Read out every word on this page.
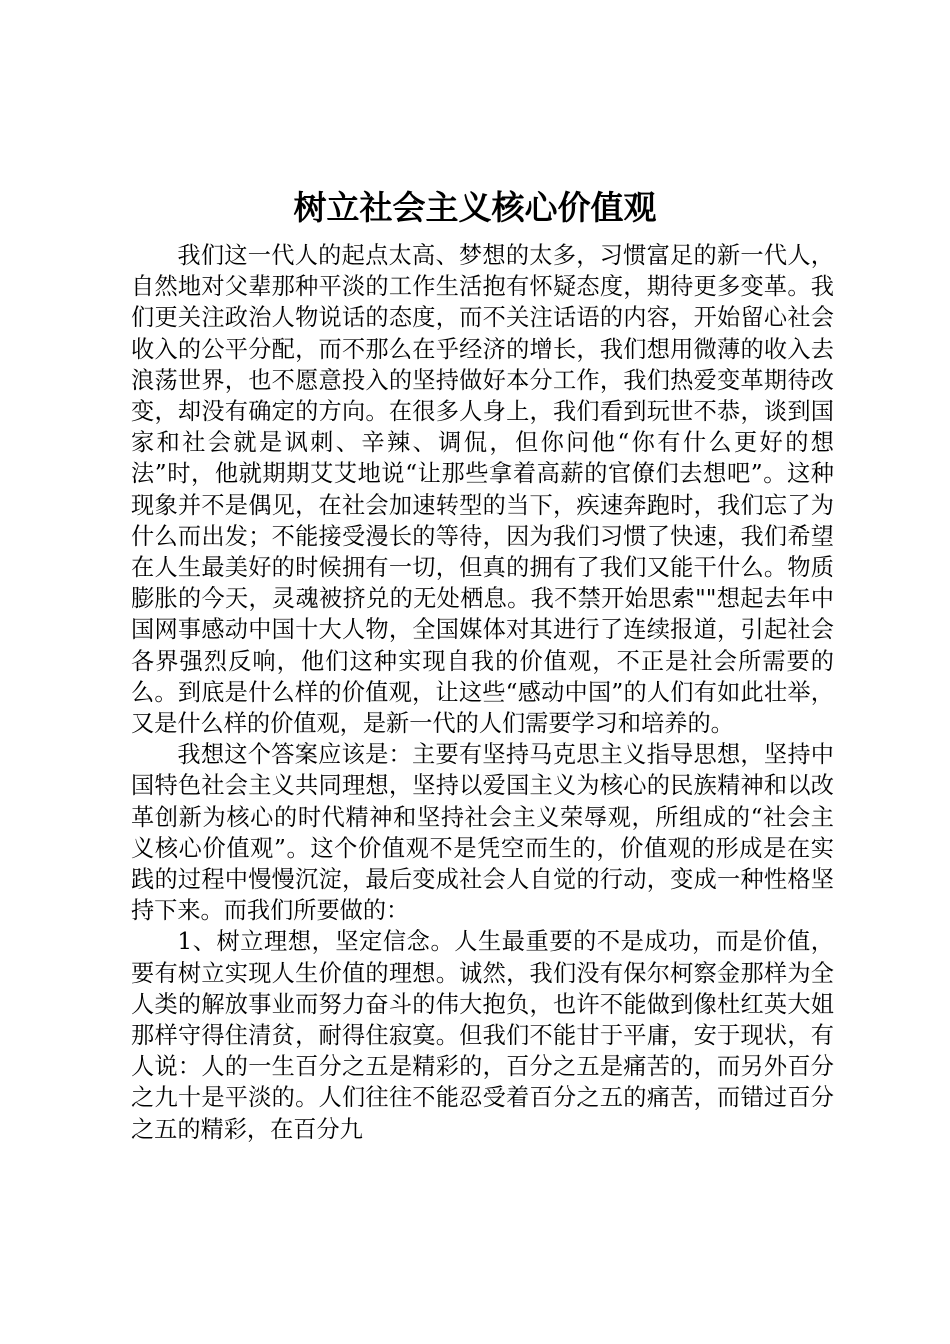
树立社会主义核心价值观

我们这一代人的起点太高、梦想的太多，习惯富足的新一代人，自然地对父辈那种平淡的工作生活抱有怀疑态度，期待更多变革。我们更关注政治人物说话的态度，而不关注话语的内容，开始留心社会收入的公平分配，而不那么在乎经济的增长，我们想用微薄的收入去浪荡世界，也不愿意投入的坚持做好本分工作，我们热爱变革期待改变，却没有确定的方向。在很多人身上，我们看到玩世不恭，谈到国家和社会就是讽刺、辛辣、调侃，但你问他“你有什么更好的想法”时，他就期期艾艾地说“让那些拿着高薪的官僚们去想吧”。这种现象并不是偶见，在社会加速转型的当下，疾速奔跑时，我们忘了为什么而出发；不能接受漫长的等待，因为我们习惯了快速，我们希望在人生最美好的时候拥有一切，但真的拥有了我们又能干什么。物质膨胀的今天，灵魂被挤兑的无处栖息。我不禁开始思索""想起去年中国网事感动中国十大人物，全国媒体对其进行了连续报道，引起社会各界强烈反响，他们这种实现自我的价值观，不正是社会所需要的么。到底是什么样的价值观，让这些“感动中国”的人们有如此壮举，又是什么样的价值观，是新一代的人们需要学习和培养的。

我想这个答案应该是：主要有坚持马克思主义指导思想，坚持中国特色社会主义共同理想，坚持以爱国主义为核心的民族精神和以改革创新为核心的时代精神和坚持社会主义荣辱观，所组成的“社会主义核心价值观”。这个价值观不是凭空而生的，价值观的形成是在实践的过程中慢慢沉淀，最后变成社会人自觉的行动，变成一种性格坚持下来。而我们所要做的：

1、树立理想，坚定信念。人生最重要的不是成功，而是价值，要有树立实现人生价值的理想。诚然，我们没有保尔柯察金那样为全人类的解放事业而努力奋斗的伟大抱负，也许不能做到像杜红英大姐那样守得住清贫，耐得住寂寞。但我们不能甘于平庸，安于现状，有人说：人的一生百分之五是精彩的，百分之五是痛苦的，而另外百分之九十是平淡的。人们往往不能忍受着百分之五的痛苦，而错过百分之五的精彩，在百分九
